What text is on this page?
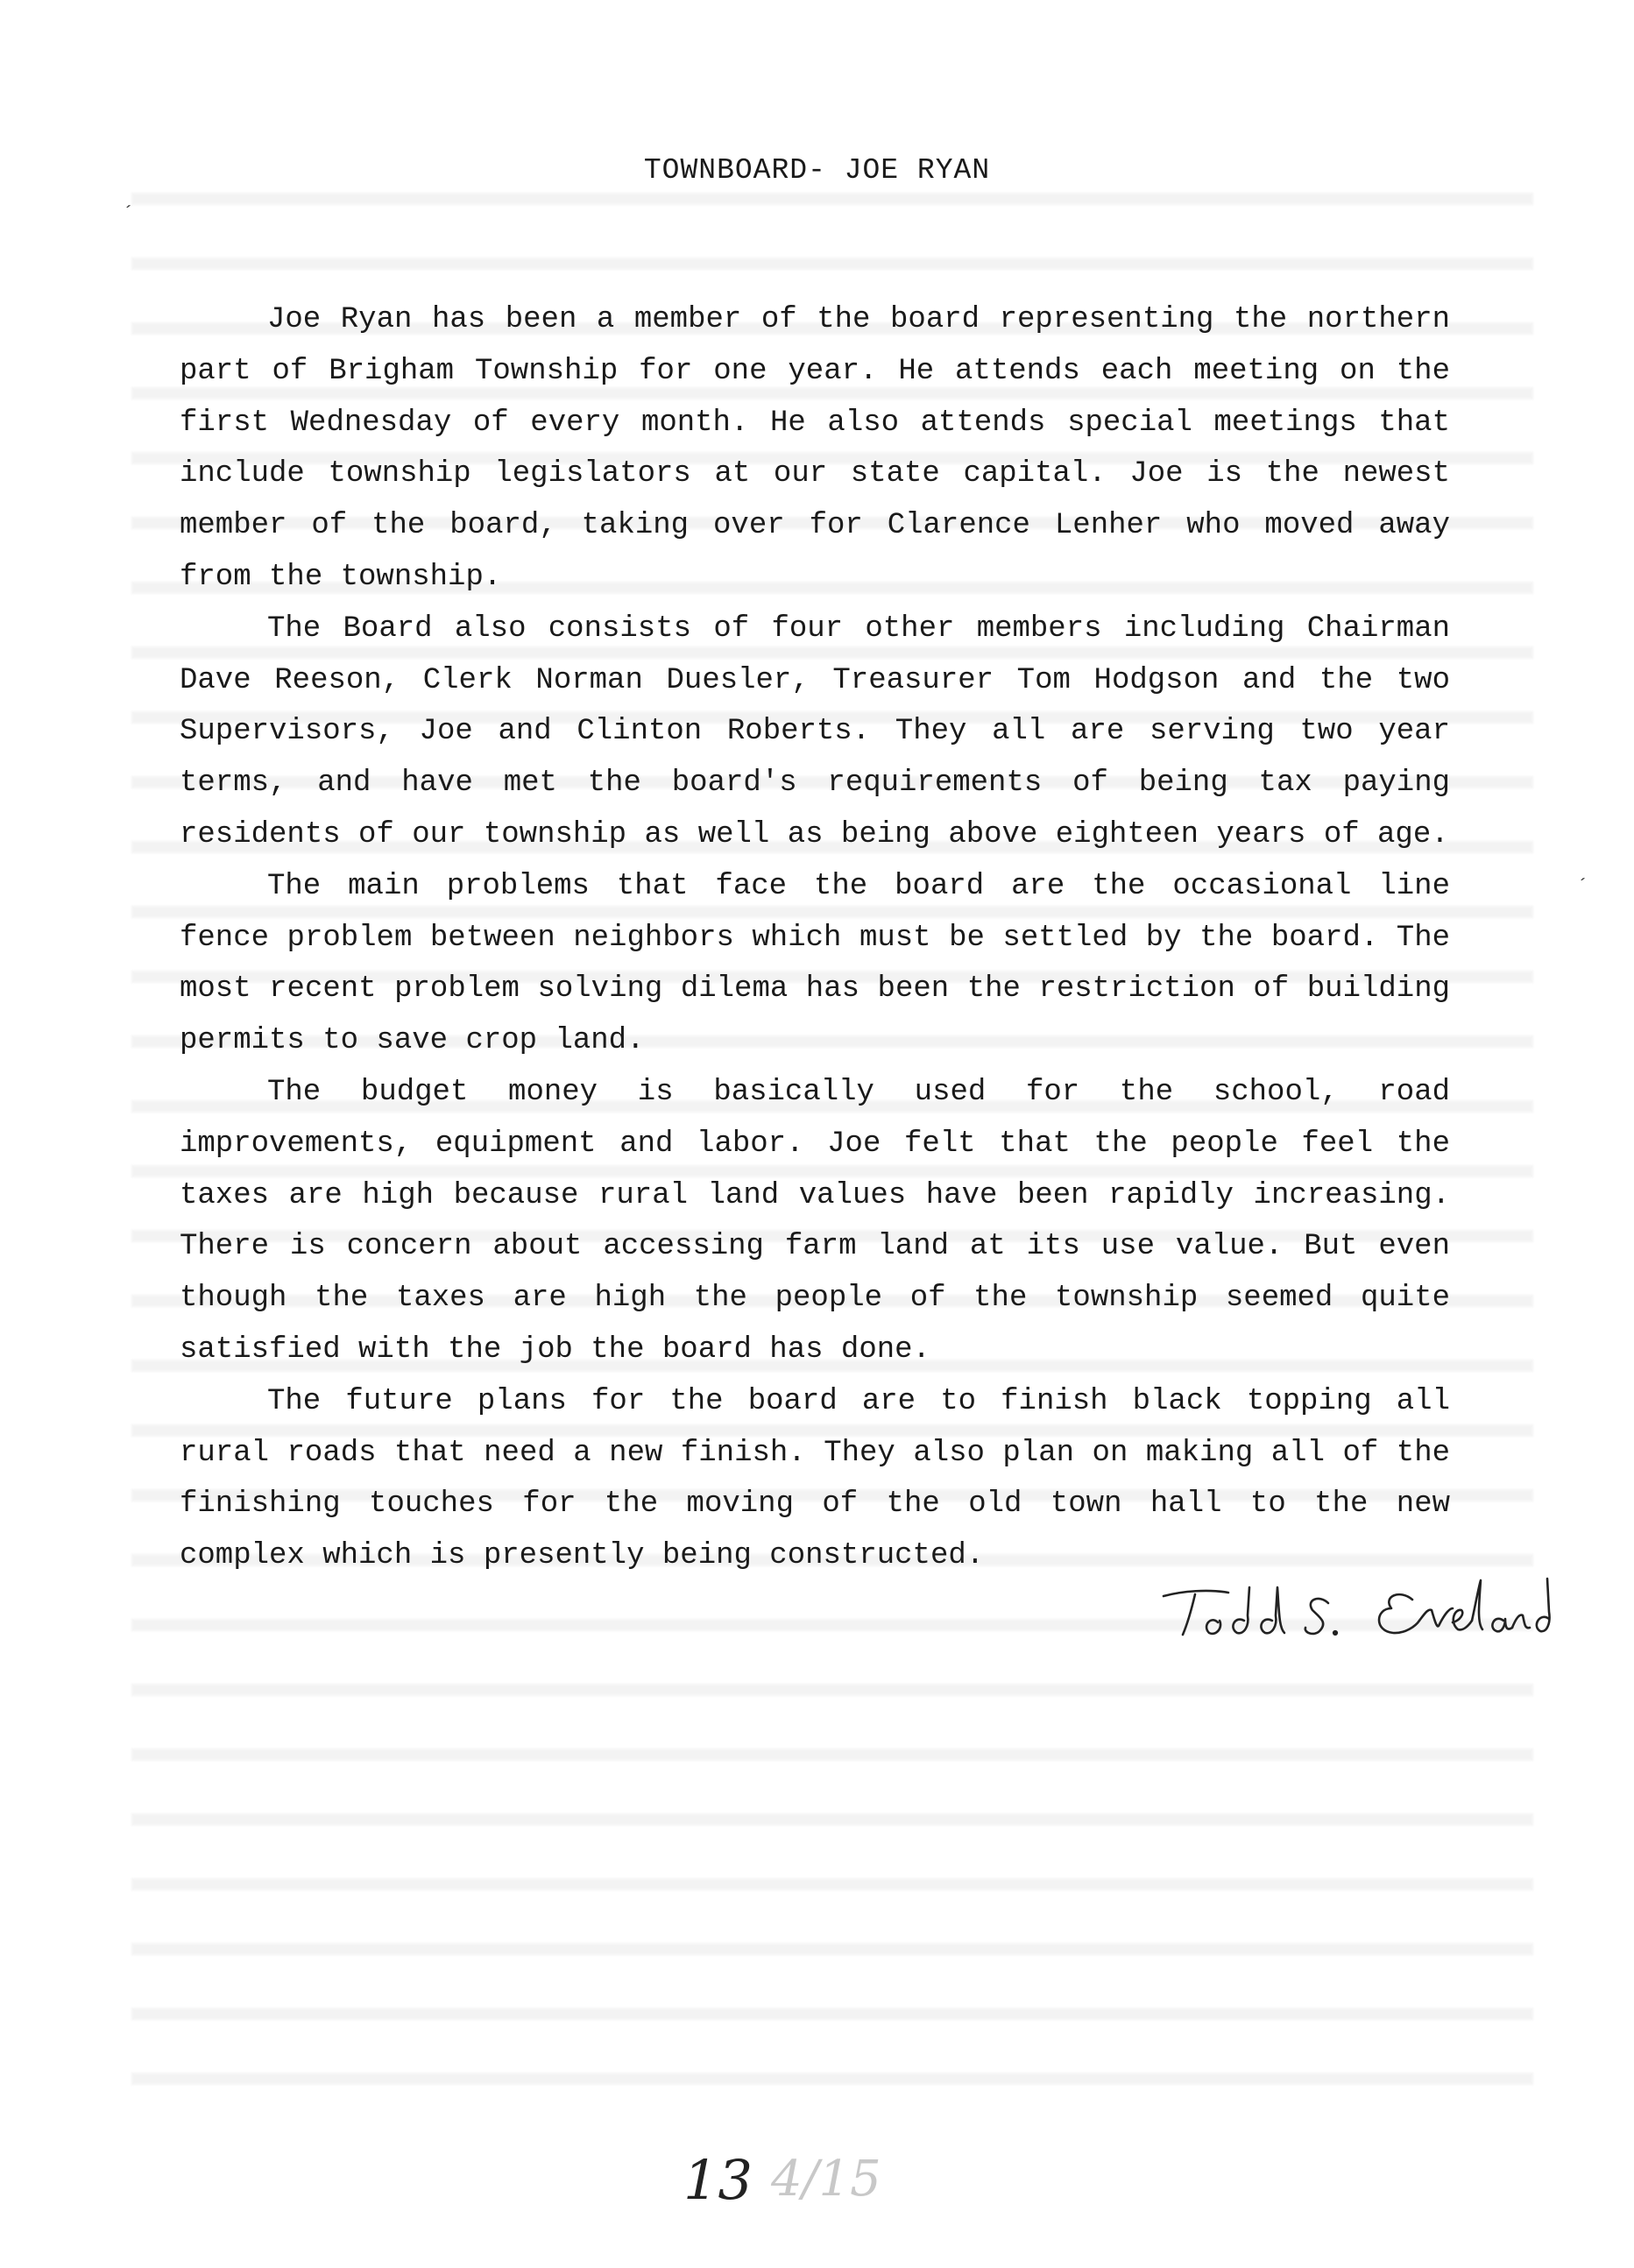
´
´
TOWNBOARD- JOE RYAN

Joe Ryan has been a member of the board representing the northern part of Brigham Township for one year. He attends each meeting on the first Wednesday of every month. He also attends special meetings that include township legislators at our state capital. Joe is the newest member of the board, taking over for Clarence Lenher who moved away from the township.

The Board also consists of four other members including Chairman Dave Reeson, Clerk Norman Duesler, Treasurer Tom Hodgson and the two Supervisors, Joe and Clinton Roberts. They all are serving two year terms, and have met the board's requirements of being tax paying residents of our township as well as being above eighteen years of age.

The main problems that face the board are the occasional line fence problem between neighbors which must be settled by the board. The most recent problem solving dilema has been the restriction of building permits to save crop land.

The budget money is basically used for the school, road improvements, equipment and labor. Joe felt that the people feel the taxes are high because rural land values have been rapidly increasing. There is concern about accessing farm land at its use value. But even though the taxes are high the people of the township seemed quite satisfied with the job the board has done.

The future plans for the board are to finish black topping all rural roads that need a new finish. They also plan on making all of the finishing touches for the moving of the old town hall to the new complex which is presently being constructed.

Todd S. Eveland
13 4/15
